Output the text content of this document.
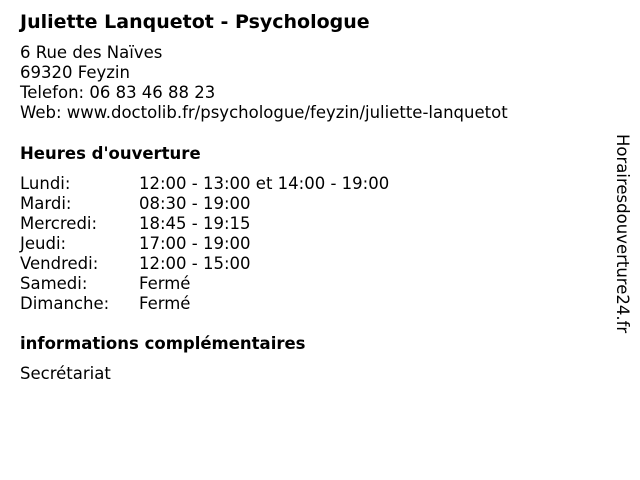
Juliette Lanquetot - Psychologue
6 Rue des Naïves
69320 Feyzin
Telefon: 06 83 46 88 23
Web: www.doctolib.fr/psychologue/feyzin/juliette-lanquetot
Heures d'ouverture
Lundi:	12:00 - 13:00 et 14:00 - 19:00
Mardi:	08:30 - 19:00
Mercredi:	18:45 - 19:15
Jeudi:	17:00 - 19:00
Vendredi:	12:00 - 15:00
Samedi:	Fermé
Dimanche:	Fermé
informations complémentaires
Secrétariat
Horairesdouverture24.fr
